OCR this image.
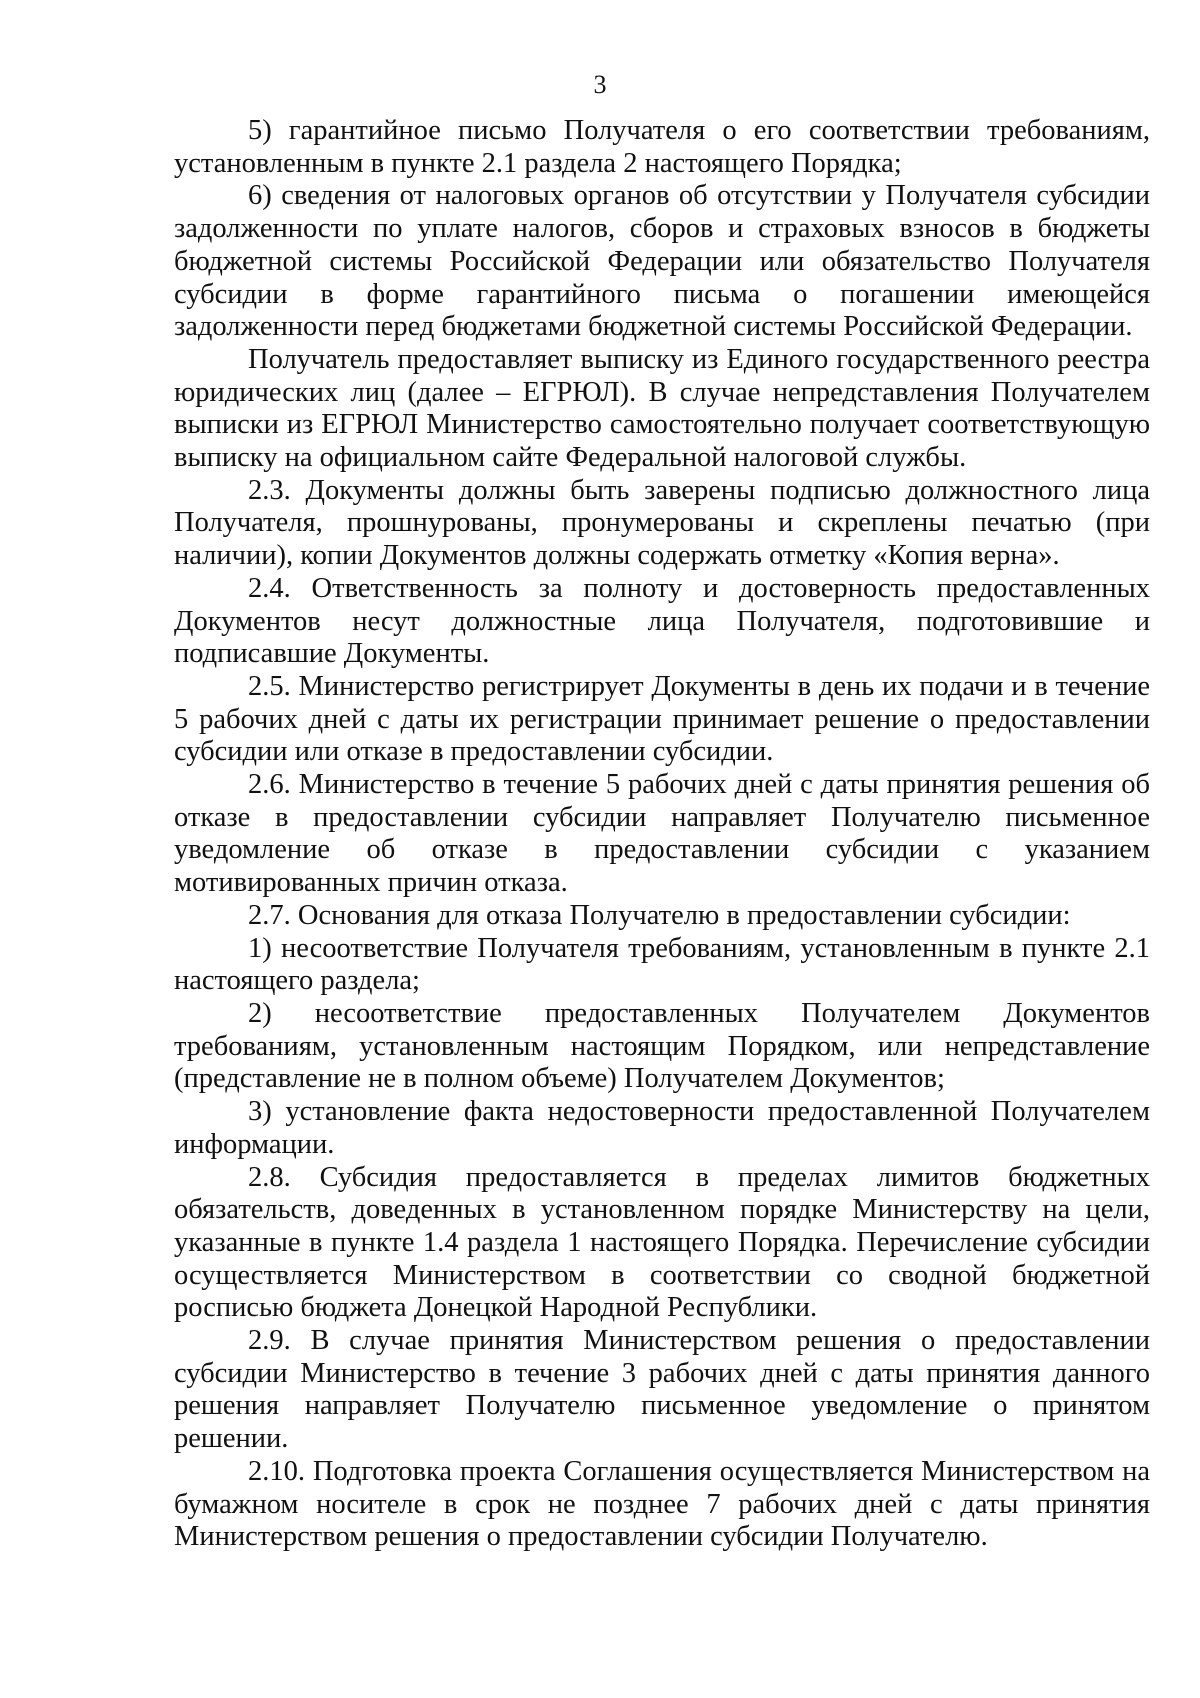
3

5) гарантийное письмо Получателя о его соответствии требованиям, установленным в пункте 2.1 раздела 2 настоящего Порядка;

6) сведения от налоговых органов об отсутствии у Получателя субсидии задолженности по уплате налогов, сборов и страховых взносов в бюджеты бюджетной системы Российской Федерации или обязательство Получателя субсидии в форме гарантийного письма о погашении имеющейся задолженности перед бюджетами бюджетной системы Российской Федерации.

Получатель предоставляет выписку из Единого государственного реестра юридических лиц (далее – ЕГРЮЛ). В случае непредставления Получателем выписки из ЕГРЮЛ Министерство самостоятельно получает соответствующую выписку на официальном сайте Федеральной налоговой службы.

2.3. Документы должны быть заверены подписью должностного лица Получателя, прошнурованы, пронумерованы и скреплены печатью (при наличии), копии Документов должны содержать отметку «Копия верна».

2.4. Ответственность за полноту и достоверность предоставленных Документов несут должностные лица Получателя, подготовившие и подписавшие Документы.

2.5. Министерство регистрирует Документы в день их подачи и в течение 5 рабочих дней с даты их регистрации принимает решение о предоставлении субсидии или отказе в предоставлении субсидии.

2.6. Министерство в течение 5 рабочих дней с даты принятия решения об отказе в предоставлении субсидии направляет Получателю письменное уведомление об отказе в предоставлении субсидии с указанием мотивированных причин отказа.

2.7. Основания для отказа Получателю в предоставлении субсидии:

1) несоответствие Получателя требованиям, установленным в пункте 2.1 настоящего раздела;

2) несоответствие предоставленных Получателем Документов требованиям, установленным настоящим Порядком, или непредставление (представление не в полном объеме) Получателем Документов;

3) установление факта недостоверности предоставленной Получателем информации.

2.8. Субсидия предоставляется в пределах лимитов бюджетных обязательств, доведенных в установленном порядке Министерству на цели, указанные в пункте 1.4 раздела 1 настоящего Порядка. Перечисление субсидии осуществляется Министерством в соответствии со сводной бюджетной росписью бюджета Донецкой Народной Республики.

2.9. В случае принятия Министерством решения о предоставлении субсидии Министерство в течение 3 рабочих дней с даты принятия данного решения направляет Получателю письменное уведомление о принятом решении.

2.10. Подготовка проекта Соглашения осуществляется Министерством на бумажном носителе в срок не позднее 7 рабочих дней с даты принятия Министерством решения о предоставлении субсидии Получателю.
